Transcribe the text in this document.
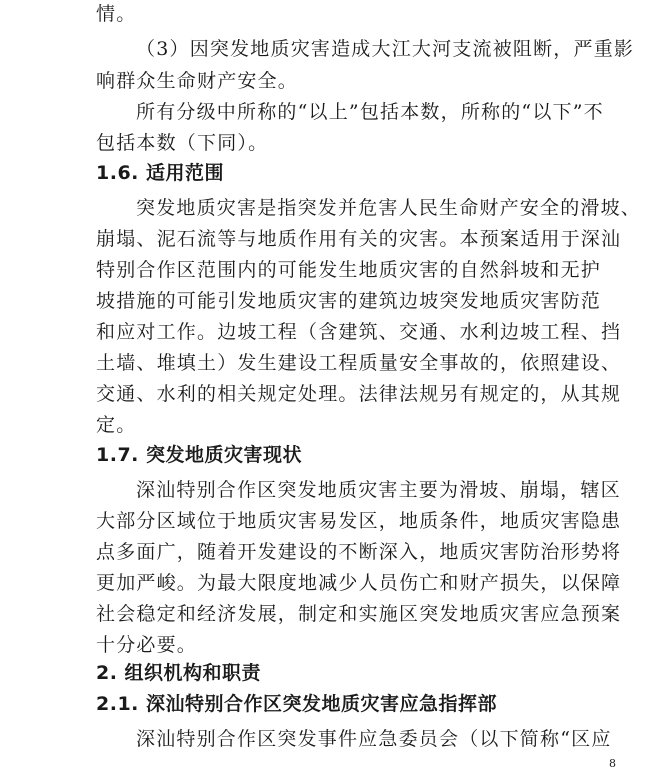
情。
（3）因突发地质灾害造成大江大河支流被阻断，严重影
响群众生命财产安全。
所有分级中所称的“以上”包括本数，所称的“以下”不
包括本数（下同）。
1.6. 适用范围
突发地质灾害是指突发并危害人民生命财产安全的滑坡、
崩塌、泥石流等与地质作用有关的灾害。本预案适用于深汕
特别合作区范围内的可能发生地质灾害的自然斜坡和无护
坡措施的可能引发地质灾害的建筑边坡突发地质灾害防范
和应对工作。边坡工程（含建筑、交通、水利边坡工程、挡
土墙、堆填土）发生建设工程质量安全事故的，依照建设、
交通、水利的相关规定处理。法律法规另有规定的，从其规
定。
1.7. 突发地质灾害现状
深汕特别合作区突发地质灾害主要为滑坡、崩塌，辖区
大部分区域位于地质灾害易发区，地质条件，地质灾害隐患
点多面广，随着开发建设的不断深入，地质灾害防治形势将
更加严峻。为最大限度地减少人员伤亡和财产损失，以保障
社会稳定和经济发展，制定和实施区突发地质灾害应急预案
十分必要。
2. 组织机构和职责
2.1. 深汕特别合作区突发地质灾害应急指挥部
深汕特别合作区突发事件应急委员会（以下简称“区应
8
